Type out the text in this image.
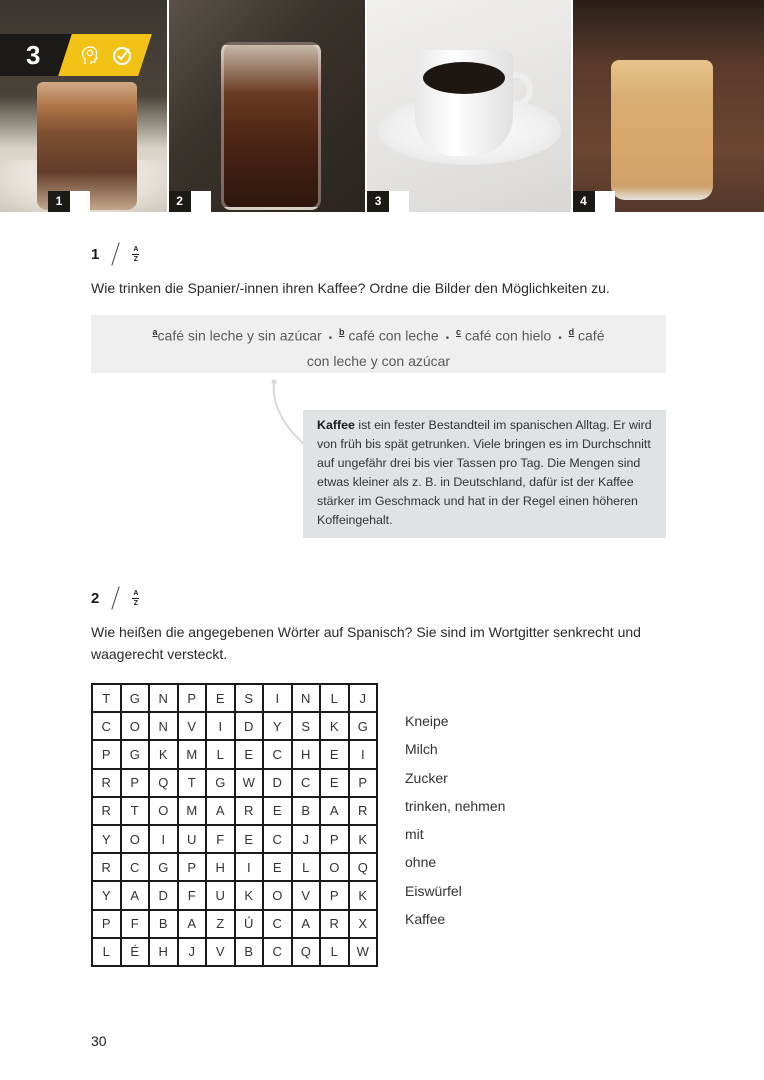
1	2	3	4
3
1	A
Z
Wie trinken die Spanier/-innen ihren Kaffee? Ordne die Bilder den Möglichkeiten zu.
$^a$café sin leche y sin azúcar • $^b$ café con leche • $^c$ café con hielo • $^d$ café con leche y con azúcar
Kaffee ist ein fester Bestandteil im spanischen Alltag. Er wird von früh bis spät getrunken. Viele bringen es im Durchschnitt auf ungefähr drei bis vier Tassen pro Tag. Die Mengen sind etwas kleiner als z. B. in Deutschland, dafür ist der Kaffee stärker im Geschmack und hat in der Regel einen höheren Koffeingehalt.
2	A
Z
Wie heißen die angegebenen Wörter auf Spanisch? Sie sind im Wortgitter senkrecht und waagerecht versteckt.
T	G	N	P	E	S	I	N	L	J
C	O	N	V	I	D	Y	S	K	G
P	G	K	M	L	E	C	H	E	I
R	P	Q	T	G	W	D	C	E	P
R	T	O	M	A	R	E	B	A	R
Y	O	I	U	F	E	C	J	P	K
R	C	G	P	H	I	E	L	O	Q
Y	A	D	F	U	K	O	V	P	K
P	F	B	A	Z	Ú	C	A	R	X
L	É	H	J	V	B	C	Q	L	W
Kneipe
Milch
Zucker
trinken, nehmen
mit
ohne
Eiswürfel
Kaffee
30
